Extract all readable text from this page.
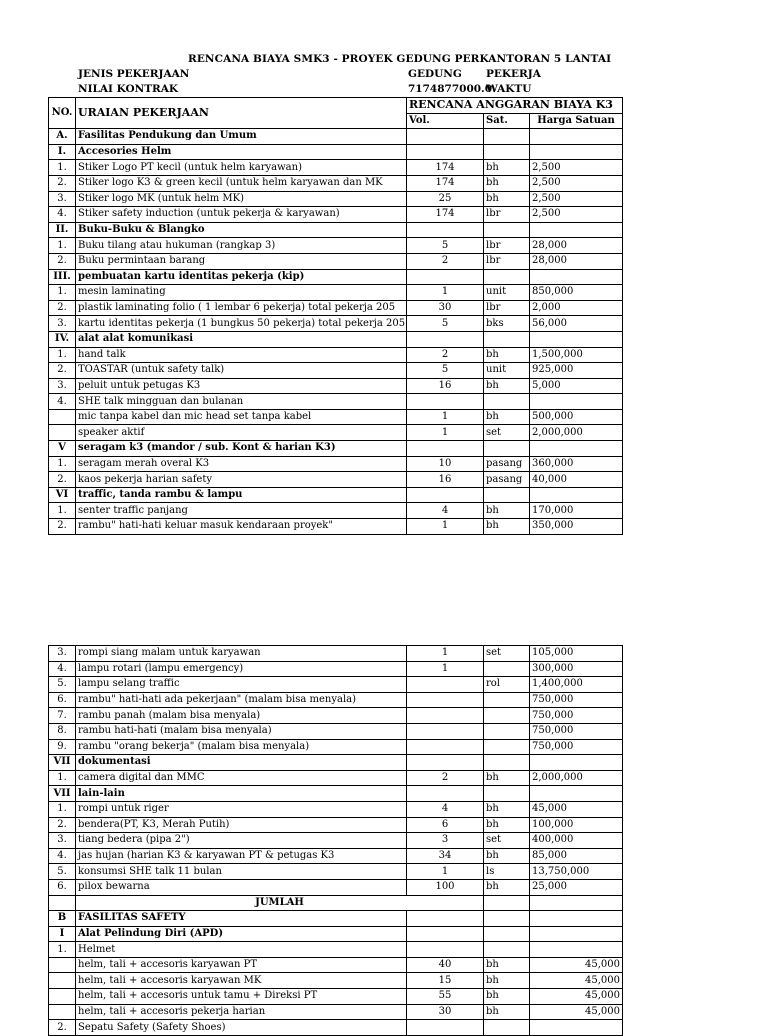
RENCANA BIAYA SMK3 - PROYEK GEDUNG PERKANTORAN 5 LANTAI
JENIS PEKERJAAN
NILAI KONTRAK
GEDUNG
7174877000.0
PEKERJA
WAKTU
NO.	URAIAN PEKERJAAN	RENCANA ANGGARAN BIAYA K3		
		Vol.	Sat.	Harga Satuan
A.	Fasilitas Pendukung dan Umum			
I.	Accesories Helm			
1.	Stiker Logo PT kecil (untuk helm karyawan)	174	bh	2,500
2.	Stiker logo K3 & green kecil (untuk helm karyawan dan MK	174	bh	2,500
3.	Stiker logo MK (untuk helm MK)	25	bh	2,500
4.	Stiker safety induction (untuk pekerja & karyawan)	174	lbr	2,500
II.	Buku-Buku & Blangko			
1.	Buku tilang atau hukuman (rangkap 3)	5	lbr	28,000
2.	Buku permintaan barang	2	lbr	28,000
III.	pembuatan kartu identitas pekerja (kip)			
1.	mesin laminating	1	unit	850,000
2.	plastik laminating folio ( 1 lembar 6 pekerja) total pekerja 205	30	lbr	2,000
3.	kartu identitas pekerja (1 bungkus 50 pekerja) total pekerja 205	5	bks	56,000
IV.	alat alat komunikasi			
1.	hand talk	2	bh	1,500,000
2.	TOASTAR (untuk safety talk)	5	unit	925,000
3.	peluit untuk petugas K3	16	bh	5,000
4.	SHE talk mingguan dan bulanan			
	mic tanpa kabel dan mic head set tanpa kabel	1	bh	500,000
	speaker aktif	1	set	2,000,000
V	seragam k3 (mandor / sub. Kont & harian K3)			
1.	seragam merah overal K3	10	pasang	360,000
2.	kaos pekerja harian safety	16	pasang	40,000
VI	traffic, tanda rambu & lampu			
1.	senter traffic panjang	4	bh	170,000
2.	rambu" hati-hati keluar masuk kendaraan proyek"	1	bh	350,000
3.	rompi siang malam untuk karyawan	1	set	105,000
4.	lampu rotari (lampu emergency)	1		300,000
5.	lampu selang traffic		rol	1,400,000
6.	rambu" hati-hati ada pekerjaan" (malam bisa menyala)			750,000
7.	rambu panah (malam bisa menyala)			750,000
8.	rambu hati-hati (malam bisa menyala)			750,000
9.	rambu "orang bekerja" (malam bisa menyala)			750,000
VII	dokumentasi			
1.	camera digital dan MMC	2	bh	2,000,000
VII	lain-lain			
1.	rompi untuk riger	4	bh	45,000
2.	bendera(PT, K3, Merah Putih)	6	bh	100,000
3.	tiang bedera (pipa 2")	3	set	400,000
4.	jas hujan (harian K3 & karyawan PT & petugas K3	34	bh	85,000
5.	konsumsi SHE talk 11 bulan	1	ls	13,750,000
6.	pilox bewarna	100	bh	25,000
	JUMLAH			
B	FASILITAS SAFETY			
I	Alat Pelindung Diri (APD)			
1.	Helmet			
	helm, tali + accesoris karyawan PT	40	bh	45,000
	helm, tali + accesoris karyawan MK	15	bh	45,000
	helm, tali + accesoris untuk tamu + Direksi PT	55	bh	45,000
	helm, tali + accesoris pekerja harian	30	bh	45,000
2.	Sepatu Safety (Safety Shoes)			
